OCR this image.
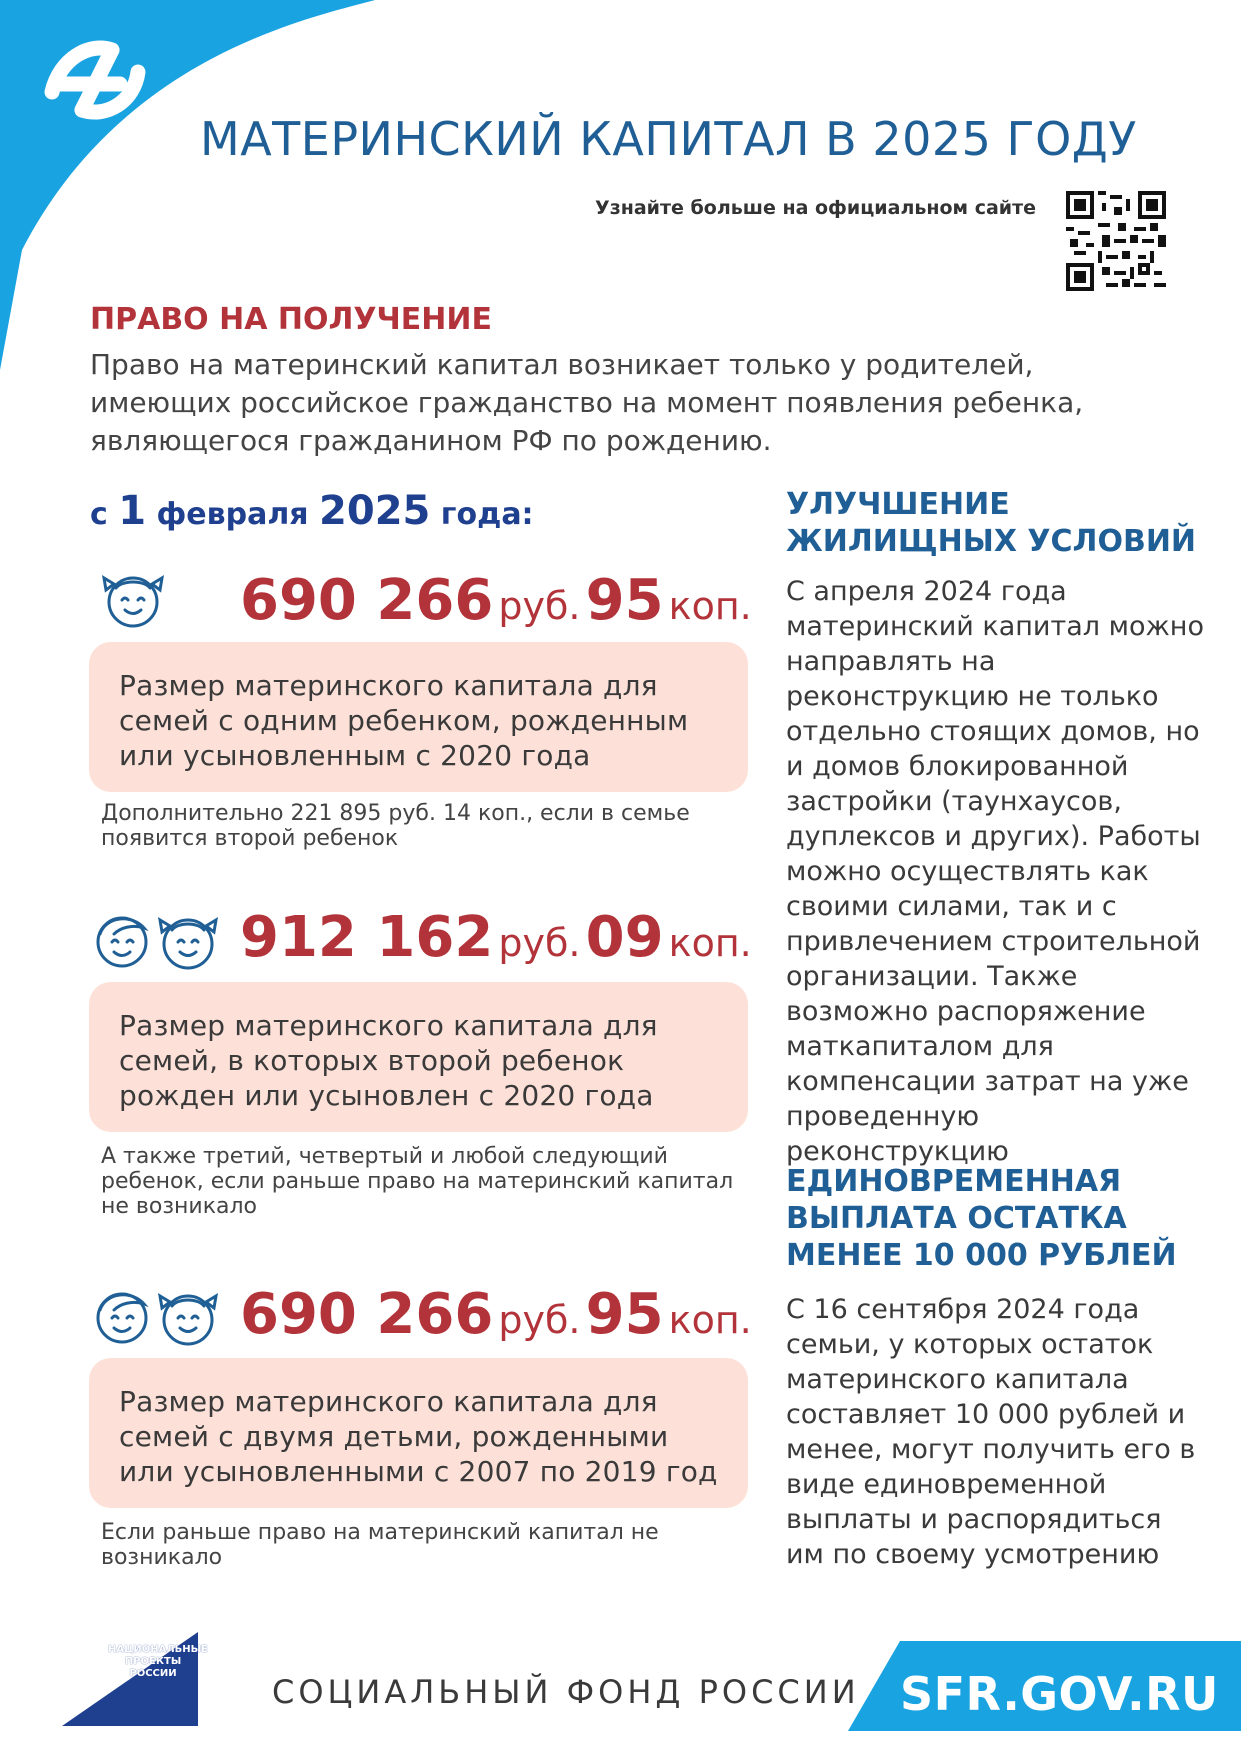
МАТЕРИНСКИЙ КАПИТАЛ В 2025 ГОДУ
Узнайте больше на официальном сайте
ПРАВО НА ПОЛУЧЕНИЕ
Право на материнский капитал возникает только у родителей, имеющих российское гражданство на момент появления ребенка, являющегося гражданином РФ по рождению.
с 1 февраля 2025 года:
690 266 руб. 95 коп.
Размер материнского капитала для семей с одним ребенком, рожденным или усыновленным с 2020 года
Дополнительно 221 895 руб. 14 коп., если в семье появится второй ребенок
912 162 руб. 09 коп.
Размер материнского капитала для семей, в которых второй ребенок рожден или усыновлен с 2020 года
А также третий, четвертый и любой следующий ребенок, если раньше право на материнский капитал не возникало
690 266 руб. 95 коп.
Размер материнского капитала для семей с двумя детьми, рожденными или усыновленными с 2007 по 2019 год
Если раньше право на материнский капитал не возникало
УЛУЧШЕНИЕ ЖИЛИЩНЫХ УСЛОВИЙ
С апреля 2024 года материнский капитал можно направлять на реконструкцию не только отдельно стоящих домов, но и домов блокированной застройки (таунхаусов, дуплексов и других). Работы можно осуществлять как своими силами, так и с привлечением строительной организации. Также возможно распоряжение маткапиталом для компенсации затрат на уже проведенную реконструкцию
ЕДИНОВРЕМЕННАЯ ВЫПЛАТА ОСТАТКА МЕНЕЕ 10 000 РУБЛЕЙ
С 16 сентября 2024 года семьи, у которых остаток материнского капитала составляет 10 000 рублей и менее, могут получить его в виде единовременной выплаты и распорядиться им по своему усмотрению
НАЦИОНАЛЬНЫЕ ПРОЕКТЫ РОССИИ	СОЦИАЛЬНЫЙ ФОНД РОССИИ SFR.GOV.RU
